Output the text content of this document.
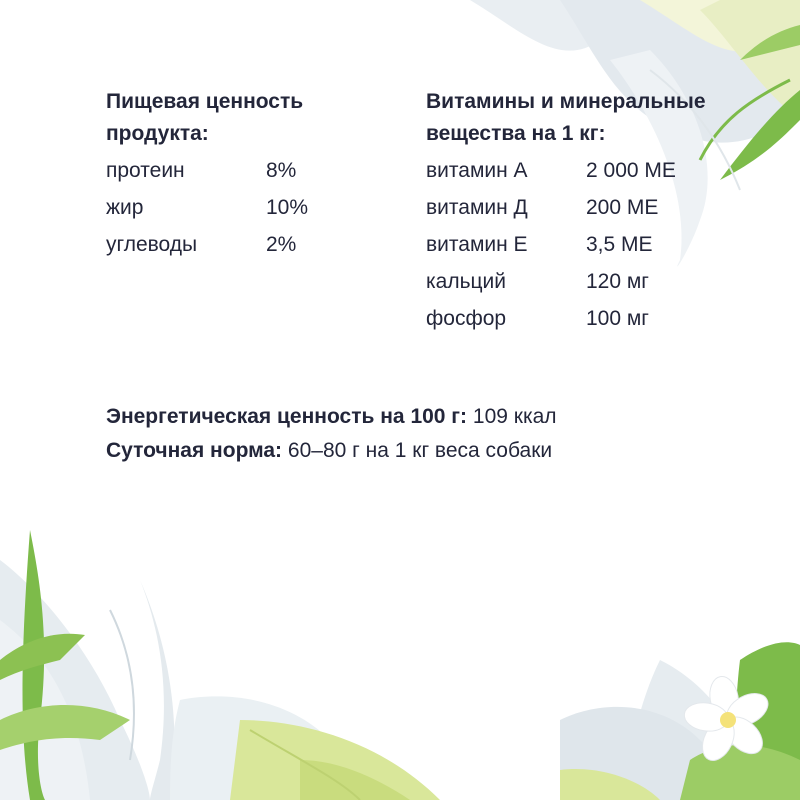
Пищевая ценность
продукта:
протеин	8%
жир	10%
углеводы	2%
Витамины и минеральные
вещества на 1 кг:
витамин А	2 000 МЕ
витамин Д	200 МЕ
витамин Е	3,5 МЕ
кальций	120 мг
фосфор	100 мг
Энергетическая ценность на 100 г: 109 ккал
Суточная норма: 60–80 г на 1 кг веса собаки
